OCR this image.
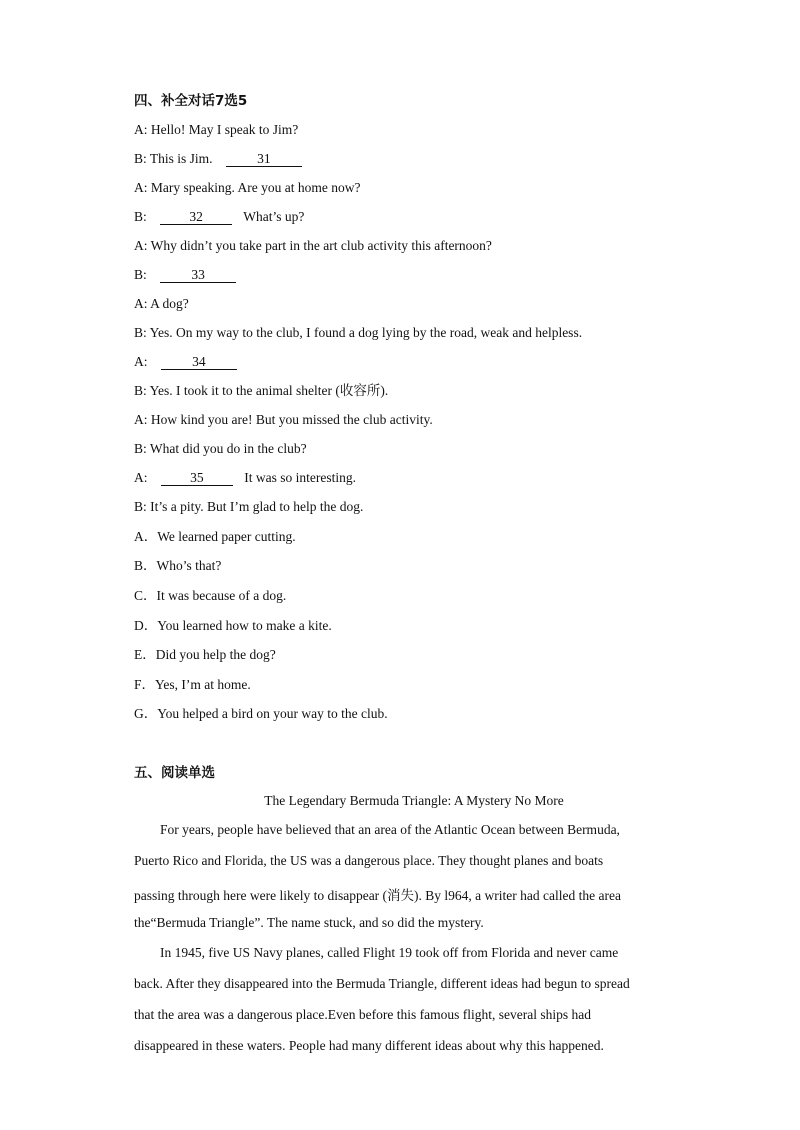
四、补全对话7选5
A: Hello! May I speak to Jim?
B: This is Jim.	31
A: Mary speaking. Are you at home now?
B:	32	What’s up?
A: Why didn’t you take part in the art club activity this afternoon?
B:	33
A: A dog?
B: Yes. On my way to the club, I found a dog lying by the road, weak and helpless.
A:	34
B: Yes. I took it to the animal shelter (收容所).
A: How kind you are! But you missed the club activity.
B: What did you do in the club?
A:	35	It was so interesting.
B: It’s a pity. But I’m glad to help the dog.
A．We learned paper cutting.
B．Who’s that?
C．It was because of a dog.
D．You learned how to make a kite.
E．Did you help the dog?
F．Yes, I’m at home.
G．You helped a bird on your way to the club.
五、阅读单选
The Legendary Bermuda Triangle: A Mystery No More
For years, people have believed that an area of the Atlantic Ocean between Bermuda,
Puerto Rico and Florida, the US was a dangerous place. They thought planes and boats
passing through here were likely to disappear (消失). By l964, a writer had called the area
the“Bermuda Triangle”. The name stuck, and so did the mystery.
In 1945, five US Navy planes, called Flight 19 took off from Florida and never came
back. After they disappeared into the Bermuda Triangle, different ideas had begun to spread
that the area was a dangerous place.Even before this famous flight, several ships had
disappeared in these waters. People had many different ideas about why this happened.
